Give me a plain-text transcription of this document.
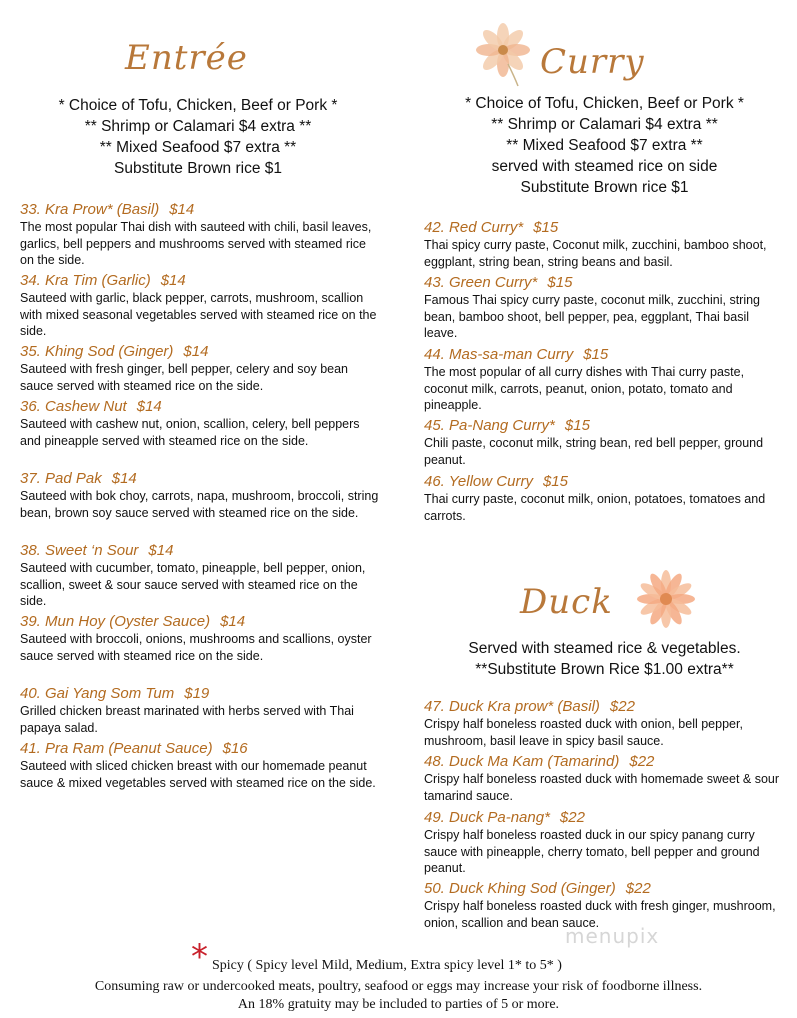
Entrée
* Choice of Tofu, Chicken, Beef or Pork *
** Shrimp or Calamari $4 extra **
** Mixed Seafood $7 extra **
Substitute Brown rice $1
33. Kra Prow* (Basil) $14
The most popular Thai dish with sauteed with chili, basil leaves, garlics, bell peppers and mushrooms served with steamed rice on the side.
34. Kra Tim (Garlic) $14
Sauteed with garlic, black pepper, carrots, mushroom, scallion with mixed seasonal vegetables served with steamed rice on the side.
35. Khing Sod (Ginger) $14
Sauteed with fresh ginger, bell pepper, celery and soy bean sauce served with steamed rice on the side.
36. Cashew Nut $14
Sauteed with cashew nut, onion, scallion, celery, bell peppers and pineapple served with steamed rice on the side.
37. Pad Pak $14
Sauteed with bok choy, carrots, napa, mushroom, broccoli, string bean, brown soy sauce served with steamed rice on the side.
38. Sweet ‘n Sour $14
Sauteed with cucumber, tomato, pineapple, bell pepper, onion, scallion, sweet & sour sauce served with steamed rice on the side.
39. Mun Hoy (Oyster Sauce) $14
Sauteed with broccoli, onions, mushrooms and scallions, oyster sauce served with steamed rice on the side.
40. Gai Yang Som Tum $19
Grilled chicken breast marinated with herbs served with Thai papaya salad.
41. Pra Ram (Peanut Sauce) $16
Sauteed with sliced chicken breast with our homemade peanut sauce & mixed vegetables served with steamed rice on the side.
Curry
* Choice of Tofu, Chicken, Beef or Pork *
** Shrimp or Calamari $4 extra **
** Mixed Seafood $7 extra **
served with steamed rice on side
Substitute Brown rice $1
42. Red Curry* $15
Thai spicy curry paste, Coconut milk, zucchini, bamboo shoot, eggplant, string bean, string beans and basil.
43. Green Curry* $15
Famous Thai spicy curry paste, coconut milk, zucchini, string bean, bamboo shoot, bell pepper, pea, eggplant, Thai basil leave.
44. Mas-sa-man Curry $15
The most popular of all curry dishes with Thai curry paste, coconut milk, carrots, peanut, onion, potato, tomato and pineapple.
45. Pa-Nang Curry* $15
Chili paste, coconut milk, string bean, red bell pepper, ground peanut.
46. Yellow Curry $15
Thai curry paste, coconut milk, onion, potatoes, tomatoes and carrots.
Duck
Served with steamed rice & vegetables.
**Substitute Brown Rice $1.00 extra**
47. Duck Kra prow* (Basil) $22
Crispy half boneless roasted duck with onion, bell pepper, mushroom, basil leave in spicy basil sauce.
48. Duck Ma Kam (Tamarind) $22
Crispy half boneless roasted duck with homemade sweet & sour tamarind sauce.
49. Duck Pa-nang* $22
Crispy half boneless roasted duck in our spicy panang curry sauce with pineapple, cherry tomato, bell pepper and ground peanut.
50. Duck Khing Sod (Ginger) $22
Crispy half boneless roasted duck with fresh ginger, mushroom, onion, scallion and bean sauce.
menupix
* Spicy ( Spicy level Mild, Medium, Extra spicy level 1* to 5* )
Consuming raw or undercooked meats, poultry, seafood or eggs may increase your risk of foodborne illness.
An 18% gratuity may be included to parties of 5 or more.
